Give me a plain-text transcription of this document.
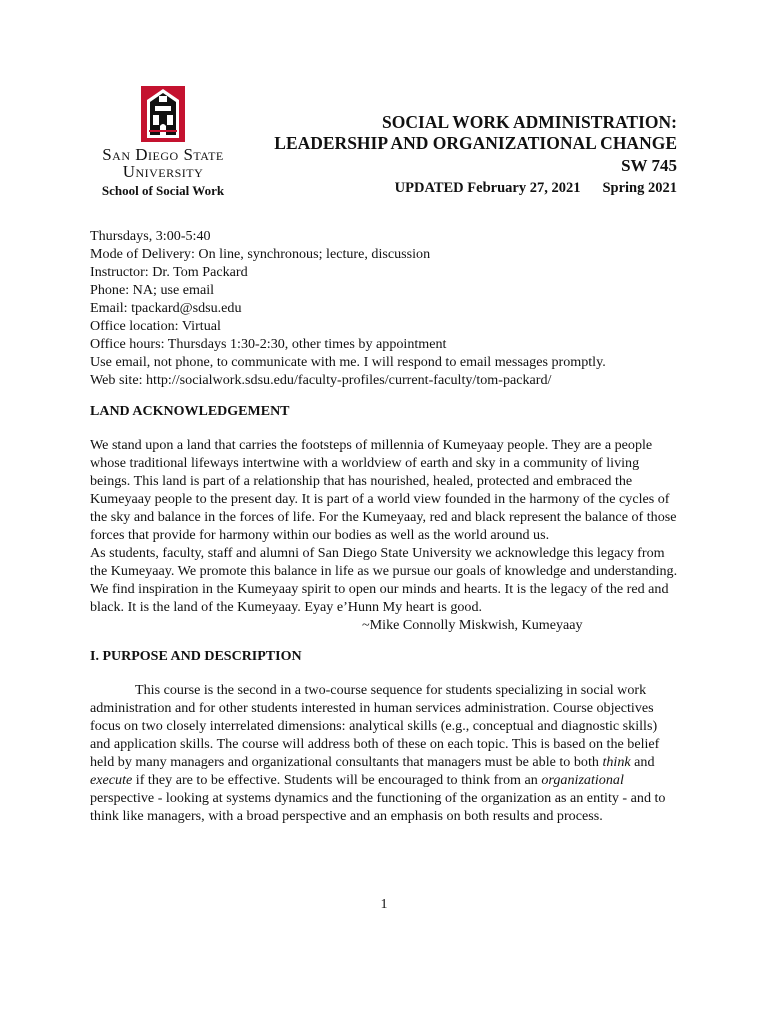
San Diego State
University
School of Social Work
SOCIAL WORK ADMINISTRATION:
LEADERSHIP AND ORGANIZATIONAL CHANGE
SW 745
UPDATED February 27, 2021 Spring 2021
Thursdays, 3:00-5:40
Mode of Delivery: On line, synchronous; lecture, discussion
Instructor: Dr. Tom Packard
Phone: NA; use email
Email: tpackard@sdsu.edu
Office location: Virtual
Office hours: Thursdays 1:30-2:30, other times by appointment
Use email, not phone, to communicate with me. I will respond to email messages promptly.
Web site: http://socialwork.sdsu.edu/faculty-profiles/current-faculty/tom-packard/
LAND ACKNOWLEDGEMENT

We stand upon a land that carries the footsteps of millennia of Kumeyaay people. They are a people whose traditional lifeways intertwine with a worldview of earth and sky in a community of living beings. This land is part of a relationship that has nourished, healed, protected and embraced the Kumeyaay people to the present day. It is part of a world view founded in the harmony of the cycles of the sky and balance in the forces of life. For the Kumeyaay, red and black represent the balance of those forces that provide for harmony within our bodies as well as the world around us.

As students, faculty, staff and alumni of San Diego State University we acknowledge this legacy from the Kumeyaay. We promote this balance in life as we pursue our goals of knowledge and understanding. We find inspiration in the Kumeyaay spirit to open our minds and hearts. It is the legacy of the red and black. It is the land of the Kumeyaay. Eyay e’Hunn My heart is good.

~Mike Connolly Miskwish, Kumeyaay
I. PURPOSE AND DESCRIPTION

This course is the second in a two-course sequence for students specializing in social work administration and for other students interested in human services administration. Course objectives focus on two closely interrelated dimensions: analytical skills (e.g., conceptual and diagnostic skills) and application skills. The course will address both of these on each topic. This is based on the belief held by many managers and organizational consultants that managers must be able to both think and execute if they are to be effective. Students will be encouraged to think from an organizational perspective - looking at systems dynamics and the functioning of the organization as an entity - and to think like managers, with a broad perspective and an emphasis on both results and process.

1
